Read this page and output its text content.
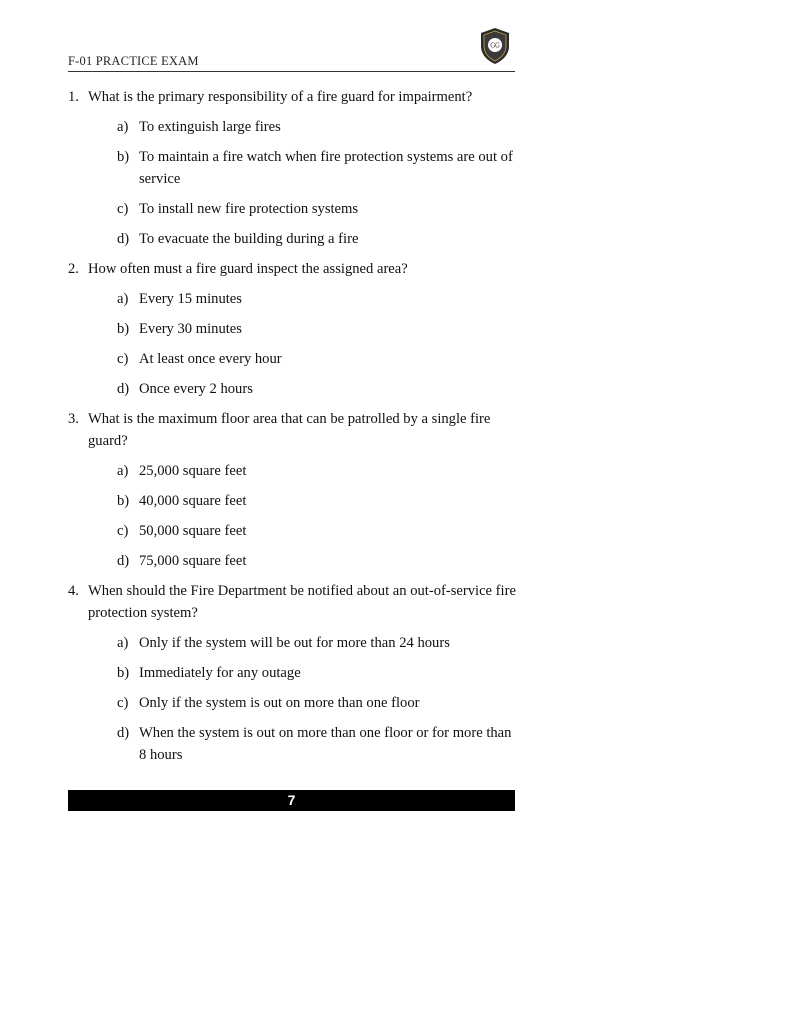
F-01 PRACTICE EXAM
GG
1. What is the primary responsibility of a fire guard for impairment?
a) To extinguish large fires
b) To maintain a fire watch when fire protection systems are out of service
c) To install new fire protection systems
d) To evacuate the building during a fire
2. How often must a fire guard inspect the assigned area?
a) Every 15 minutes
b) Every 30 minutes
c) At least once every hour
d) Once every 2 hours
3. What is the maximum floor area that can be patrolled by a single fire guard?
a) 25,000 square feet
b) 40,000 square feet
c) 50,000 square feet
d) 75,000 square feet
4. When should the Fire Department be notified about an out-of-service fire protection system?
a) Only if the system will be out for more than 24 hours
b) Immediately for any outage
c) Only if the system is out on more than one floor
d) When the system is out on more than one floor or for more than 8 hours
7
